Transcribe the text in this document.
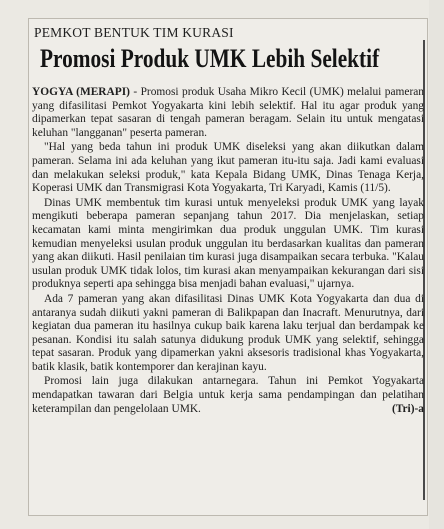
PEMKOT BENTUK TIM KURASI
Promosi Produk UMK Lebih Selektif

YOGYA (MERAPI) - Promosi produk Usaha Mikro Kecil (UMK) melalui pameran yang difasilitasi Pemkot Yogyakarta kini lebih selektif. Hal itu agar produk yang dipamerkan tepat sasaran di tengah pameran beragam. Selain itu untuk mengatasi keluhan "langganan" peserta pameran.

"Hal yang beda tahun ini produk UMK diseleksi yang akan diikutkan dalam pameran. Selama ini ada keluhan yang ikut pameran itu-itu saja. Jadi kami evaluasi dan melakukan seleksi produk," kata Kepala Bidang UMK, Dinas Tenaga Kerja, Koperasi UMK dan Transmigrasi Kota Yogyakarta, Tri Karyadi, Kamis (11/5).

Dinas UMK membentuk tim kurasi untuk menyeleksi produk UMK yang layak mengikuti beberapa pameran sepanjang tahun 2017. Dia menjelaskan, setiap kecamatan kami minta mengirimkan dua produk unggulan UMK. Tim kurasi kemudian menyeleksi usulan produk unggulan itu berdasarkan kualitas dan pameran yang akan diikuti. Hasil penilaian tim kurasi juga disampaikan secara terbuka. "Kalau usulan produk UMK tidak lolos, tim kurasi akan menyampaikan kekurangan dari sisi produknya seperti apa sehingga bisa menjadi bahan evaluasi," ujarnya.

Ada 7 pameran yang akan difasilitasi Dinas UMK Kota Yogyakarta dan dua di antaranya sudah diikuti yakni pameran di Balikpapan dan Inacraft. Menurutnya, dari kegiatan dua pameran itu hasilnya cukup baik karena laku terjual dan berdampak ke pesanan. Kondisi itu salah satunya didukung produk UMK yang selektif, sehingga tepat sasaran. Produk yang dipamerkan yakni aksesoris tradisional khas Yogyakarta, batik klasik, batik kontemporer dan kerajinan kayu.

Promosi lain juga dilakukan antarnegara. Tahun ini Pemkot Yogyakarta mendapatkan tawaran dari Belgia untuk kerja sama pendampingan dan pelatihan keterampilan dan pengelolaan UMK.	(Tri)-a
